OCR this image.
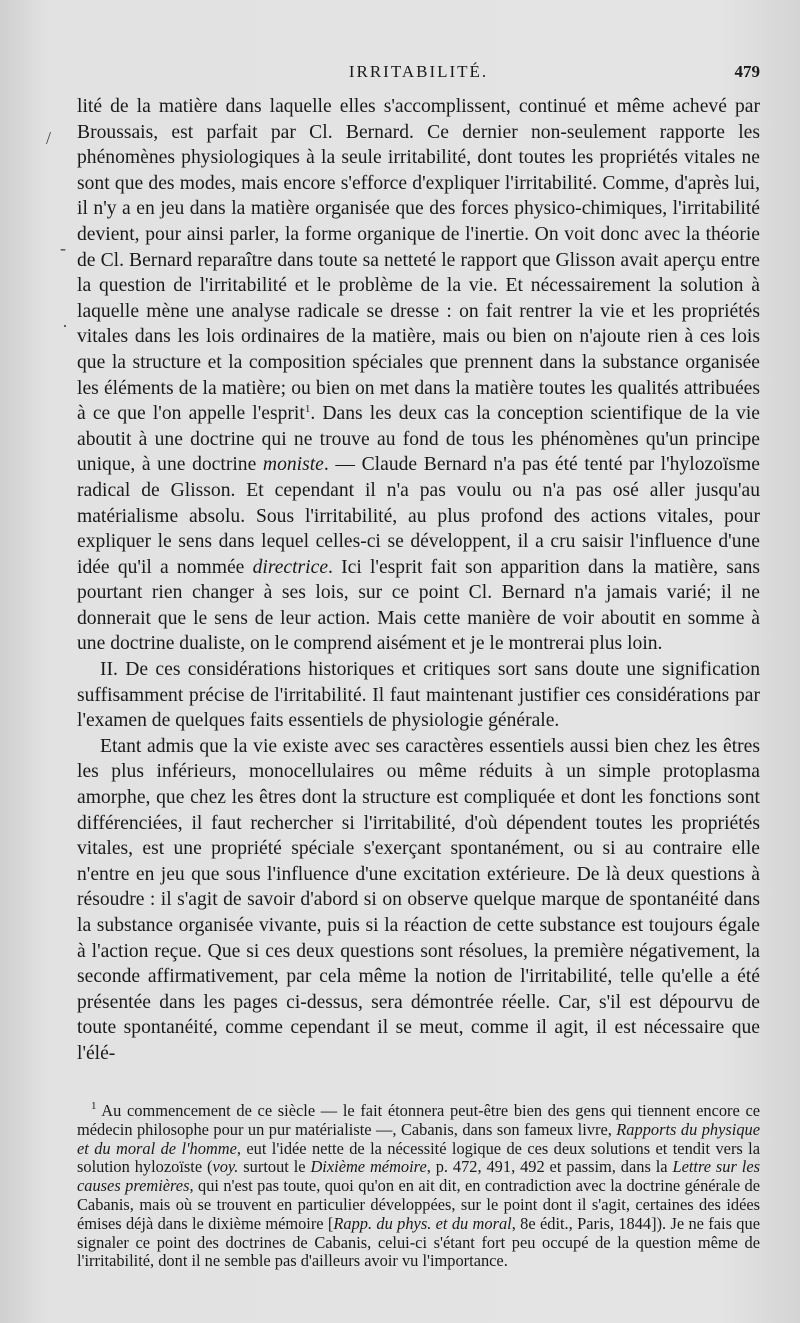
/
-
·
IRRITABILITÉ.	479

lité de la matière dans laquelle elles s'accomplissent, continué et même achevé par Broussais, est parfait par Cl. Bernard. Ce dernier non-seulement rapporte les phénomènes physiologiques à la seule irritabilité, dont toutes les propriétés vitales ne sont que des modes, mais encore s'efforce d'expliquer l'irritabilité. Comme, d'après lui, il n'y a en jeu dans la matière organisée que des forces physico-chimiques, l'irritabilité devient, pour ainsi parler, la forme organique de l'inertie. On voit donc avec la théorie de Cl. Bernard reparaître dans toute sa netteté le rapport que Glisson avait aperçu entre la question de l'irritabilité et le problème de la vie. Et nécessairement la solution à laquelle mène une analyse radicale se dresse : on fait rentrer la vie et les propriétés vitales dans les lois ordinaires de la matière, mais ou bien on n'ajoute rien à ces lois que la structure et la composition spéciales que prennent dans la substance organisée les éléments de la matière; ou bien on met dans la matière toutes les qualités attribuées à ce que l'on appelle l'esprit$^1$. Dans les deux cas la conception scientifique de la vie aboutit à une doctrine qui ne trouve au fond de tous les phénomènes qu'un principe unique, à une doctrine moniste. — Claude Bernard n'a pas été tenté par l'hylozoïsme radical de Glisson. Et cependant il n'a pas voulu ou n'a pas osé aller jusqu'au matérialisme absolu. Sous l'irritabilité, au plus profond des actions vitales, pour expliquer le sens dans lequel celles-ci se développent, il a cru saisir l'influence d'une idée qu'il a nommée directrice. Ici l'esprit fait son apparition dans la matière, sans pourtant rien changer à ses lois, sur ce point Cl. Bernard n'a jamais varié; il ne donnerait que le sens de leur action. Mais cette manière de voir aboutit en somme à une doctrine dualiste, on le comprend aisément et je le montrerai plus loin.

II. De ces considérations historiques et critiques sort sans doute une signification suffisamment précise de l'irritabilité. Il faut maintenant justifier ces considérations par l'examen de quelques faits essentiels de physiologie générale.

Etant admis que la vie existe avec ses caractères essentiels aussi bien chez les êtres les plus inférieurs, monocellulaires ou même réduits à un simple protoplasma amorphe, que chez les êtres dont la structure est compliquée et dont les fonctions sont différenciées, il faut rechercher si l'irritabilité, d'où dépendent toutes les propriétés vitales, est une propriété spéciale s'exerçant spontanément, ou si au contraire elle n'entre en jeu que sous l'influence d'une excitation extérieure. De là deux questions à résoudre : il s'agit de savoir d'abord si on observe quelque marque de spontanéité dans la substance organisée vivante, puis si la réaction de cette substance est toujours égale à l'action reçue. Que si ces deux questions sont résolues, la première négativement, la seconde affirmativement, par cela même la notion de l'irritabilité, telle qu'elle a été présentée dans les pages ci-dessus, sera démontrée réelle. Car, s'il est dépourvu de toute spontanéité, comme cependant il se meut, comme il agit, il est nécessaire que l'élé-

$^1$ Au commencement de ce siècle — le fait étonnera peut-être bien des gens qui tiennent encore ce médecin philosophe pour un pur matérialiste —, Cabanis, dans son fameux livre, Rapports du physique et du moral de l'homme, eut l'idée nette de la nécessité logique de ces deux solutions et tendit vers la solution hylozoïste (voy. surtout le Dixième mémoire, p. 472, 491, 492 et passim, dans la Lettre sur les causes premières, qui n'est pas toute, quoi qu'on en ait dit, en contradiction avec la doctrine générale de Cabanis, mais où se trouvent en particulier développées, sur le point dont il s'agit, certaines des idées émises déjà dans le dixième mémoire [Rapp. du phys. et du moral, 8e édit., Paris, 1844]). Je ne fais que signaler ce point des doctrines de Cabanis, celui-ci s'étant fort peu occupé de la question même de l'irritabilité, dont il ne semble pas d'ailleurs avoir vu l'importance.
